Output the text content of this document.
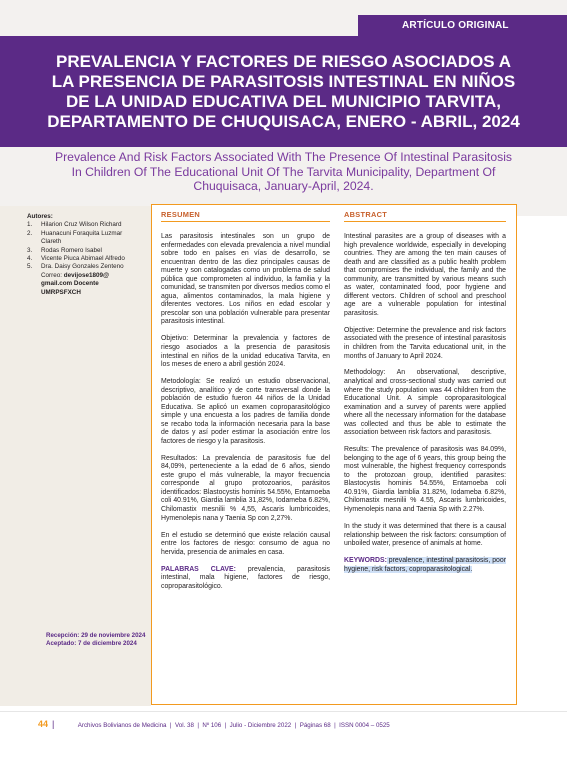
ARTÍCULO ORIGINAL
PREVALENCIA Y FACTORES DE RIESGO ASOCIADOS A
LA PRESENCIA DE PARASITOSIS INTESTINAL EN NIÑOS
DE LA UNIDAD EDUCATIVA DEL MUNICIPIO TARVITA,
DEPARTAMENTO DE CHUQUISACA, ENERO - ABRIL, 2024

Prevalence And Risk Factors Associated With The Presence Of Intestinal Parasitosis
In Children Of The Educational Unit Of The Tarvita Municipality, Department Of
Chuquisaca, January-April, 2024.

Autores:
1.	Hilarion Cruz Wilson Richard
2.	Huanacuni Foraquita Luzmar
Clareth
3.	Rodas Romero Isabel
4.	Vicente Piuca Abimael Alfredo
5.	Dra. Daisy Gonzales Zenteno
Correo: devijose1809@
gmail.com Docente
UMRPSFXCH
Recepción: 29 de noviembre 2024
Aceptado: 7 de diciembre 2024
RESUMEN

Las parasitosis intestinales son un grupo de enfermedades con elevada prevalencia a nivel mundial sobre todo en países en vías de desarrollo, se encuentran dentro de las diez principales causas de muerte y son catalogadas como un problema de salud pública que comprometen al individuo, la familia y la comunidad, se transmiten por diversos medios como el agua, alimentos contaminados, la mala higiene y diferentes vectores. Los niños en edad escolar y prescolar son una población vulnerable para presentar parasitosis intestinal.

Objetivo: Determinar la prevalencia y factores de riesgo asociados a la presencia de parasitosis intestinal en niños de la unidad educativa Tarvita, en los meses de enero a abril gestión 2024.

Metodología: Se realizó un estudio observacional, descriptivo, analítico y de corte transversal donde la población de estudio fueron 44 niños de la Unidad Educativa. Se aplicó un examen coproparasitológico simple y una encuesta a los padres de familia donde se recabo toda la información necesaria para la base de datos y así poder estimar la asociación entre los factores de riesgo y la parasitosis.

Resultados: La prevalencia de parasitosis fue del 84,09%, perteneciente a la edad de 6 años, siendo este grupo el más vulnerable, la mayor frecuencia corresponde al grupo protozoarios, parásitos identificados: Blastocystis hominis 54.55%, Entamoeba coli 40.91%, Giardia lamblia 31,82%, Iodameba 6.82%, Chilomastix mesnilii % 4,55, Ascaris lumbricoides, Hymenolepis nana y Taenia Sp con 2,27%.

En el estudio se determinó que existe relación causal entre los factores de riesgo: consumo de agua no hervida, presencia de animales en casa.

PALABRAS CLAVE: prevalencia, parasitosis intestinal, mala higiene, factores de riesgo, coproparasitológico.

ABSTRACT

Intestinal parasites are a group of diseases with a high prevalence worldwide, especially in developing countries. They are among the ten main causes of death and are classified as a public health problem that compromises the individual, the family and the community, are transmitted by various means such as water, contaminated food, poor hygiene and different vectors. Children of school and preschool age are a vulnerable population for intestinal parasitosis.

Objective: Determine the prevalence and risk factors associated with the presence of intestinal parasitosis in children from the Tarvita educational unit, in the months of January to April 2024.

Methodology: An observational, descriptive, analytical and cross-sectional study was carried out where the study population was 44 children from the Educational Unit. A simple coproparasitological examination and a survey of parents were applied where all the necessary information for the database was collected and thus be able to estimate the association between risk factors and parasitosis.

Results: The prevalence of parasitosis was 84.09%, belonging to the age of 6 years, this group being the most vulnerable, the highest frequency corresponds to the protozoan group, identified parasites: Blastocystis hominis 54.55%, Entamoeba coli 40.91%, Giardia lamblia 31.82%, Iodameba 6.82%, Chilomastix mesnilii % 4.55, Ascaris lumbricoides, Hymenolepis nana and Taenia Sp with 2.27%.

In the study it was determined that there is a causal relationship between the risk factors: consumption of unboiled water, presence of animals at home.

KEYWORDS: prevalence, intestinal parasitosis, poor hygiene, risk factors, coproparasitological.

44 |	Archivos Bolivianos de Medicina  |  Vol. 38  |  Nº 106  |  Julio - Diciembre 2022  |  Páginas 68  |  ISSN 0004 – 0525
